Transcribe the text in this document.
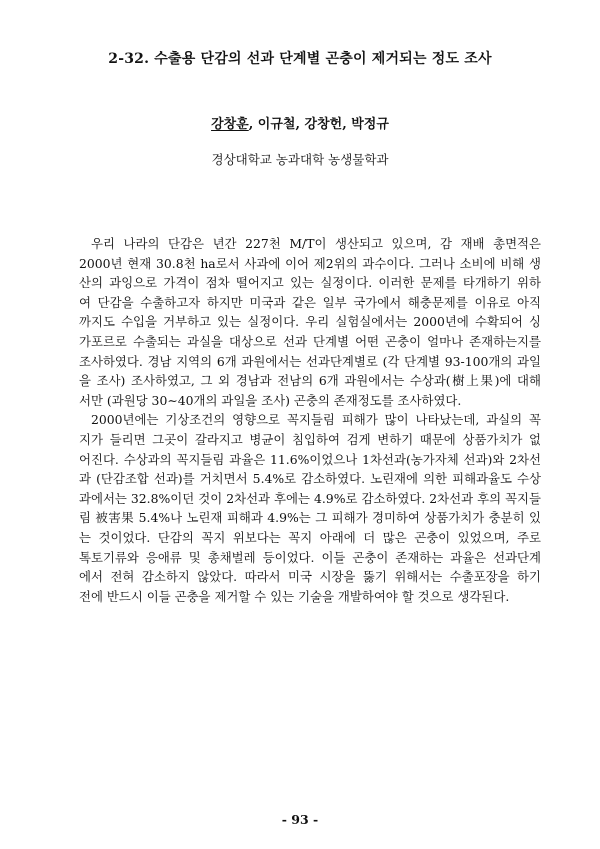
2-32. 수출용 단감의 선과 단계별 곤충이 제거되는 정도 조사
강창훈, 이규철, 강창헌, 박정규
경상대학교 농과대학 농생물학과
우리 나라의 단감은 년간 227천 M/T이 생산되고 있으며, 감 재배 총면적은
2000년 현재 30.8천 ha로서 사과에 이어 제2위의 과수이다. 그러나 소비에 비해 생
산의 과잉으로 가격이 점차 떨어지고 있는 실정이다. 이러한 문제를 타개하기 위하
여 단감을 수출하고자 하지만 미국과 같은 일부 국가에서 해충문제를 이유로 아직
까지도 수입을 거부하고 있는 실정이다. 우리 실험실에서는 2000년에 수확되어 싱
가포르로 수출되는 과실을 대상으로 선과 단계별 어떤 곤충이 얼마나 존재하는지를
조사하였다. 경남 지역의 6개 과원에서는 선과단계별로 (각 단계별 93-100개의 과일
을 조사) 조사하였고, 그 외 경남과 전남의 6개 과원에서는 수상과(樹上果)에 대해
서만 (과원당 30∼40개의 과일을 조사) 곤충의 존재정도를 조사하였다.
2000년에는 기상조건의 영향으로 꼭지들림 피해가 많이 나타났는데, 과실의 꼭
지가 들리면 그곳이 갈라지고 병균이 침입하여 검게 변하기 때문에 상품가치가 없
어진다. 수상과의 꼭지들림 과율은 11.6%이었으나 1차선과(농가자체 선과)와 2차선
과 (단감조합 선과)를 거치면서 5.4%로 감소하였다. 노린재에 의한 피해과율도 수상
과에서는 32.8%이던 것이 2차선과 후에는 4.9%로 감소하였다. 2차선과 후의 꼭지들
림 被害果 5.4%나 노린재 피해과 4.9%는 그 피해가 경미하여 상품가치가 충분히 있
는 것이었다. 단감의 꼭지 위보다는 꼭지 아래에 더 많은 곤충이 있었으며, 주로
톡토기류와 응애류 및 총채벌레 등이었다. 이들 곤충이 존재하는 과율은 선과단계
에서 전혀 감소하지 않았다. 따라서 미국 시장을 뚫기 위해서는 수출포장을 하기
전에 반드시 이들 곤충을 제거할 수 있는 기술을 개발하여야 할 것으로 생각된다.
- 93 -
